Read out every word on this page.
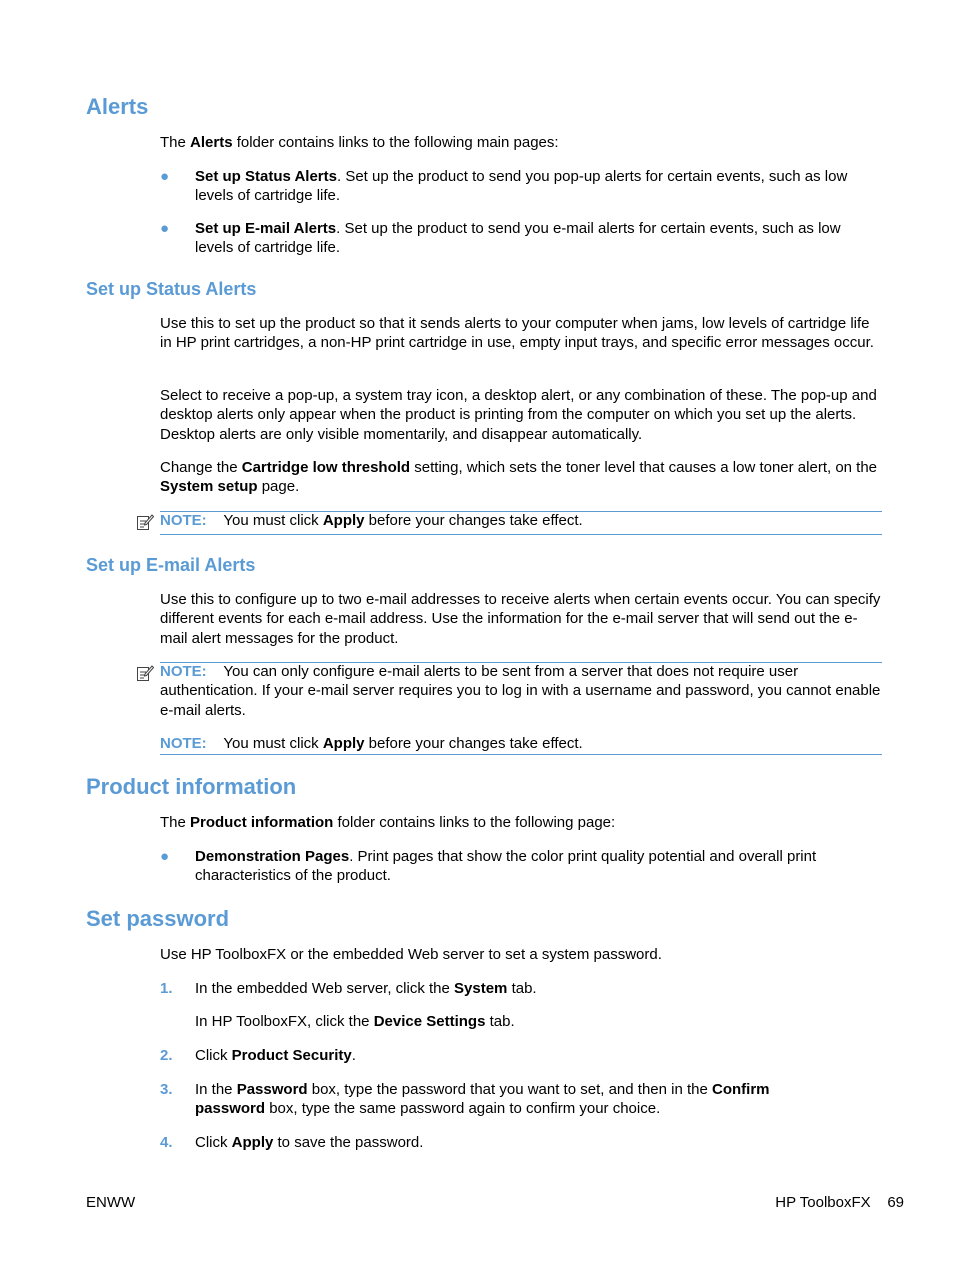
Alerts

The Alerts folder contains links to the following main pages:

● Set up Status Alerts. Set up the product to send you pop-up alerts for certain events, such as low levels of cartridge life.

● Set up E-mail Alerts. Set up the product to send you e-mail alerts for certain events, such as low levels of cartridge life.

Set up Status Alerts

Use this to set up the product so that it sends alerts to your computer when jams, low levels of cartridge life in HP print cartridges, a non-HP print cartridge in use, empty input trays, and specific error messages occur.

Select to receive a pop-up, a system tray icon, a desktop alert, or any combination of these. The pop-up and desktop alerts only appear when the product is printing from the computer on which you set up the alerts. Desktop alerts are only visible momentarily, and disappear automatically.

Change the Cartridge low threshold setting, which sets the toner level that causes a low toner alert, on the System setup page.

NOTE: You must click Apply before your changes take effect.

Set up E-mail Alerts

Use this to configure up to two e-mail addresses to receive alerts when certain events occur. You can specify different events for each e-mail address. Use the information for the e-mail server that will send out the e-mail alert messages for the product.

NOTE: You can only configure e-mail alerts to be sent from a server that does not require user authentication. If your e-mail server requires you to log in with a username and password, you cannot enable e-mail alerts.

NOTE: You must click Apply before your changes take effect.

Product information

The Product information folder contains links to the following page:

● Demonstration Pages. Print pages that show the color print quality potential and overall print characteristics of the product.

Set password

Use HP ToolboxFX or the embedded Web server to set a system password.

1. In the embedded Web server, click the System tab.

In HP ToolboxFX, click the Device Settings tab.

2. Click Product Security.

3. In the Password box, type the password that you want to set, and then in the Confirm password box, type the same password again to confirm your choice.

4. Click Apply to save the password.

ENWW	HP ToolboxFX 69
